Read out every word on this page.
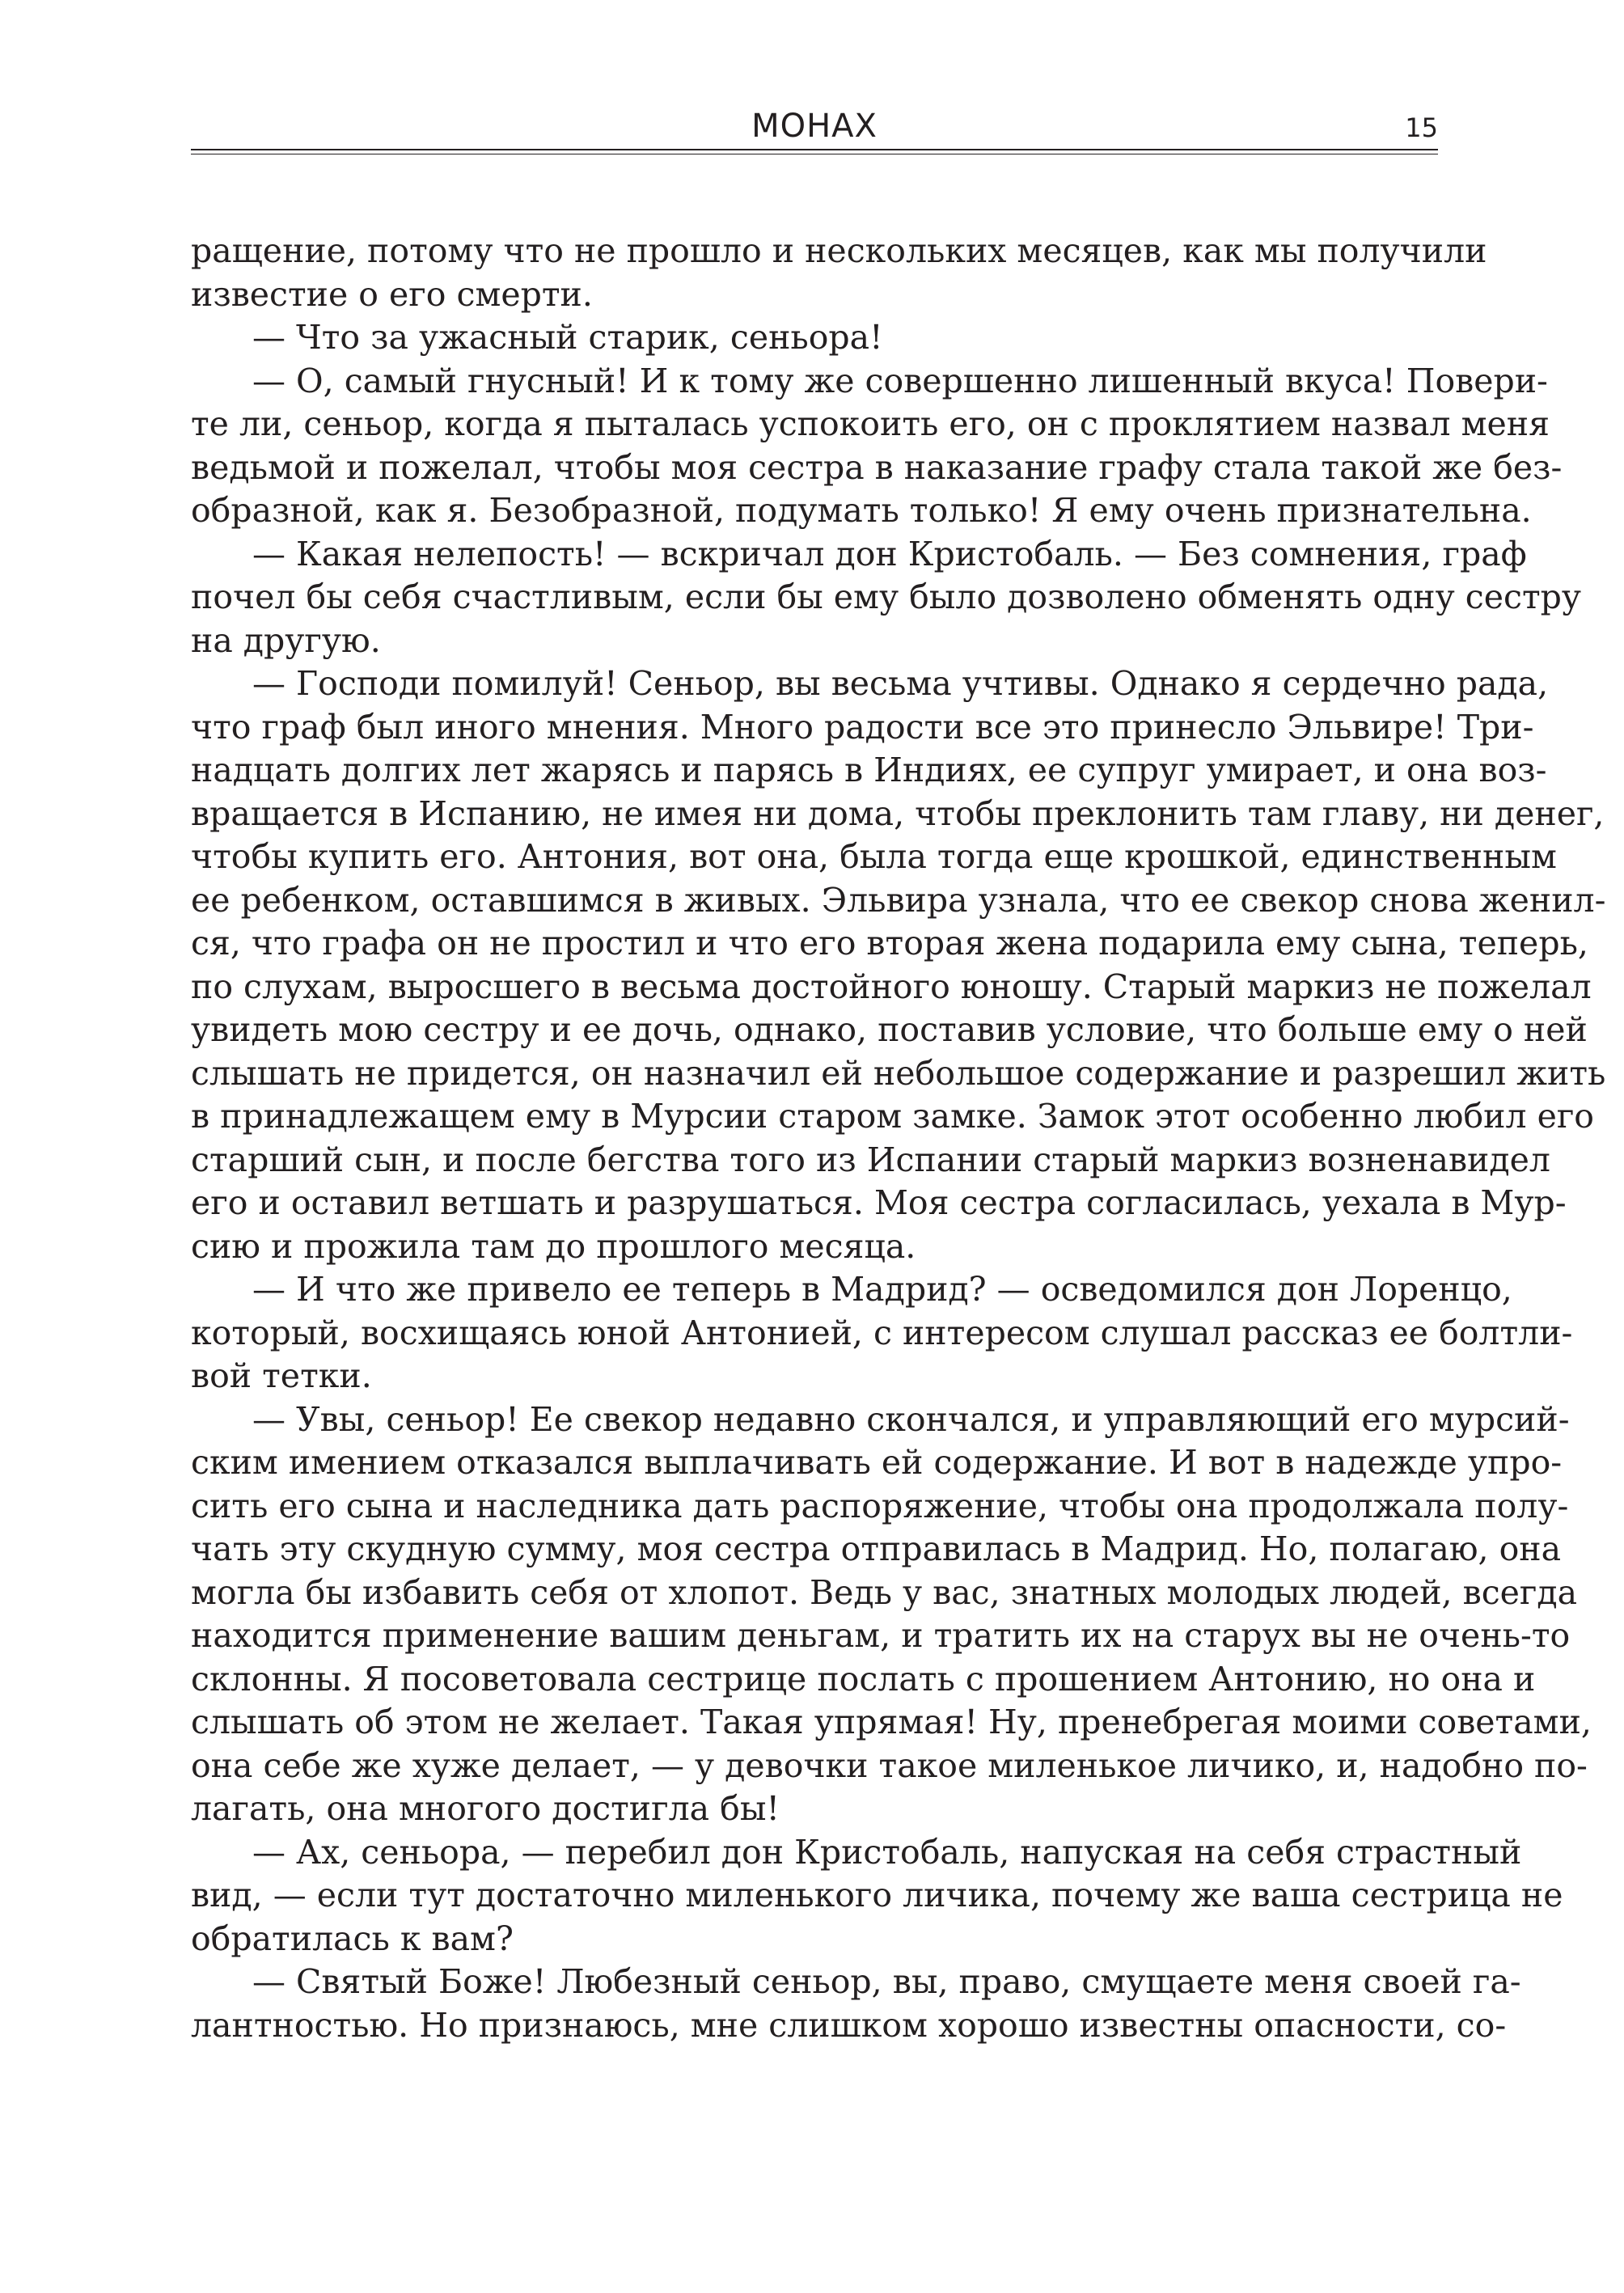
МОНАХ	15
ращение, потому что не прошло и нескольких месяцев, как мы получили
известие о его смерти.
— Что за ужасный старик, сеньора!
— О, самый гнусный! И к тому же совершенно лишенный вкуса! Повери-
те ли, сеньор, когда я пыталась успокоить его, он с проклятием назвал меня
ведьмой и пожелал, чтобы моя сестра в наказание графу стала такой же без-
образной, как я. Безобразной, подумать только! Я ему очень признательна.
— Какая нелепость! — вскричал дон Кристобаль. — Без сомнения, граф
почел бы себя счастливым, если бы ему было дозволено обменять одну сестру
на другую.
— Господи помилуй! Сеньор, вы весьма учтивы. Однако я сердечно рада,
что граф был иного мнения. Много радости все это принесло Эльвире! Три-
надцать долгих лет жарясь и парясь в Индиях, ее супруг умирает, и она воз-
вращается в Испанию, не имея ни дома, чтобы преклонить там главу, ни денег,
чтобы купить его. Антония, вот она, была тогда еще крошкой, единственным
ее ребенком, оставшимся в живых. Эльвира узнала, что ее свекор снова женил-
ся, что графа он не простил и что его вторая жена подарила ему сына, теперь,
по слухам, выросшего в весьма достойного юношу. Старый маркиз не пожелал
увидеть мою сестру и ее дочь, однако, поставив условие, что больше ему о ней
слышать не придется, он назначил ей небольшое содержание и разрешил жить
в принадлежащем ему в Мурсии старом замке. Замок этот особенно любил его
старший сын, и после бегства того из Испании старый маркиз возненавидел
его и оставил ветшать и разрушаться. Моя сестра согласилась, уехала в Мур-
сию и прожила там до прошлого месяца.
— И что же привело ее теперь в Мадрид? — осведомился дон Лоренцо,
который, восхищаясь юной Антонией, с интересом слушал рассказ ее болтли-
вой тетки.
— Увы, сеньор! Ее свекор недавно скончался, и управляющий его мурсий-
ским имением отказался выплачивать ей содержание. И вот в надежде упро-
сить его сына и наследника дать распоряжение, чтобы она продолжала полу-
чать эту скудную сумму, моя сестра отправилась в Мадрид. Но, полагаю, она
могла бы избавить себя от хлопот. Ведь у вас, знатных молодых людей, всегда
находится применение вашим деньгам, и тратить их на старух вы не очень-то
склонны. Я посоветовала сестрице послать с прошением Антонию, но она и
слышать об этом не желает. Такая упрямая! Ну, пренебрегая моими советами,
она себе же хуже делает, — у девочки такое миленькое личико, и, надобно по-
лагать, она многого достигла бы!
— Ах, сеньора, — перебил дон Кристобаль, напуская на себя страстный
вид, — если тут достаточно миленького личика, почему же ваша сестрица не
обратилась к вам?
— Святый Боже! Любезный сеньор, вы, право, смущаете меня своей га-
лантностью. Но признаюсь, мне слишком хорошо известны опасности, со-
